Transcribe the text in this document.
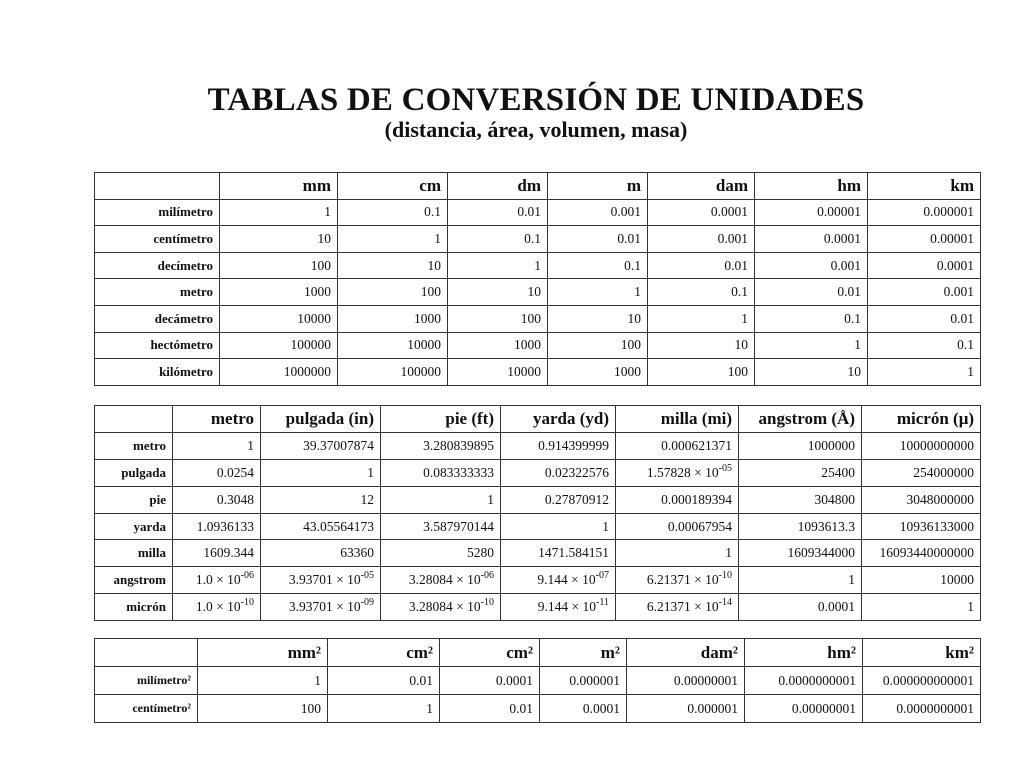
TABLAS DE CONVERSIÓN DE UNIDADES
(distancia, área, volumen, masa)
	mm	cm	dm	m	dam	hm	km
milímetro	1	0.1	0.01	0.001	0.0001	0.00001	0.000001
centímetro	10	1	0.1	0.01	0.001	0.0001	0.00001
decímetro	100	10	1	0.1	0.01	0.001	0.0001
metro	1000	100	10	1	0.1	0.01	0.001
decámetro	10000	1000	100	10	1	0.1	0.01
hectómetro	100000	10000	1000	100	10	1	0.1
kilómetro	1000000	100000	10000	1000	100	10	1
	metro	pulgada (in)	pie (ft)	yarda (yd)	milla (mi)	angstrom (Å)	micrón (μ)
metro	1	39.37007874	3.280839895	0.914399999	0.000621371	1000000	10000000000
pulgada	0.0254	1	0.083333333	0.02322576	$1.57828 \times 10^{-05}$	25400	254000000
pie	0.3048	12	1	0.27870912	0.000189394	304800	3048000000
yarda	1.0936133	43.05564173	3.587970144	1	0.00067954	1093613.3	10936133000
milla	1609.344	63360	5280	1471.584151	1	1609344000	16093440000000
angstrom	$1.0 \times 10^{-06}$	$3.93701 \times 10^{-05}$	$3.28084 \times 10^{-06}$	$9.144 \times 10^{-07}$	$6.21371 \times 10^{-10}$	1	10000
micrón	$1.0 \times 10^{-10}$	$3.93701 \times 10^{-09}$	$3.28084 \times 10^{-10}$	$9.144 \times 10^{-11}$	$6.21371 \times 10^{-14}$	0.0001	1
	mm²	cm²	cm²	m²	dam²	hm²	km²
milímetro²	1	0.01	0.0001	0.000001	0.00000001	0.0000000001	0.000000000001
centímetro²	100	1	0.01	0.0001	0.000001	0.00000001	0.0000000001
